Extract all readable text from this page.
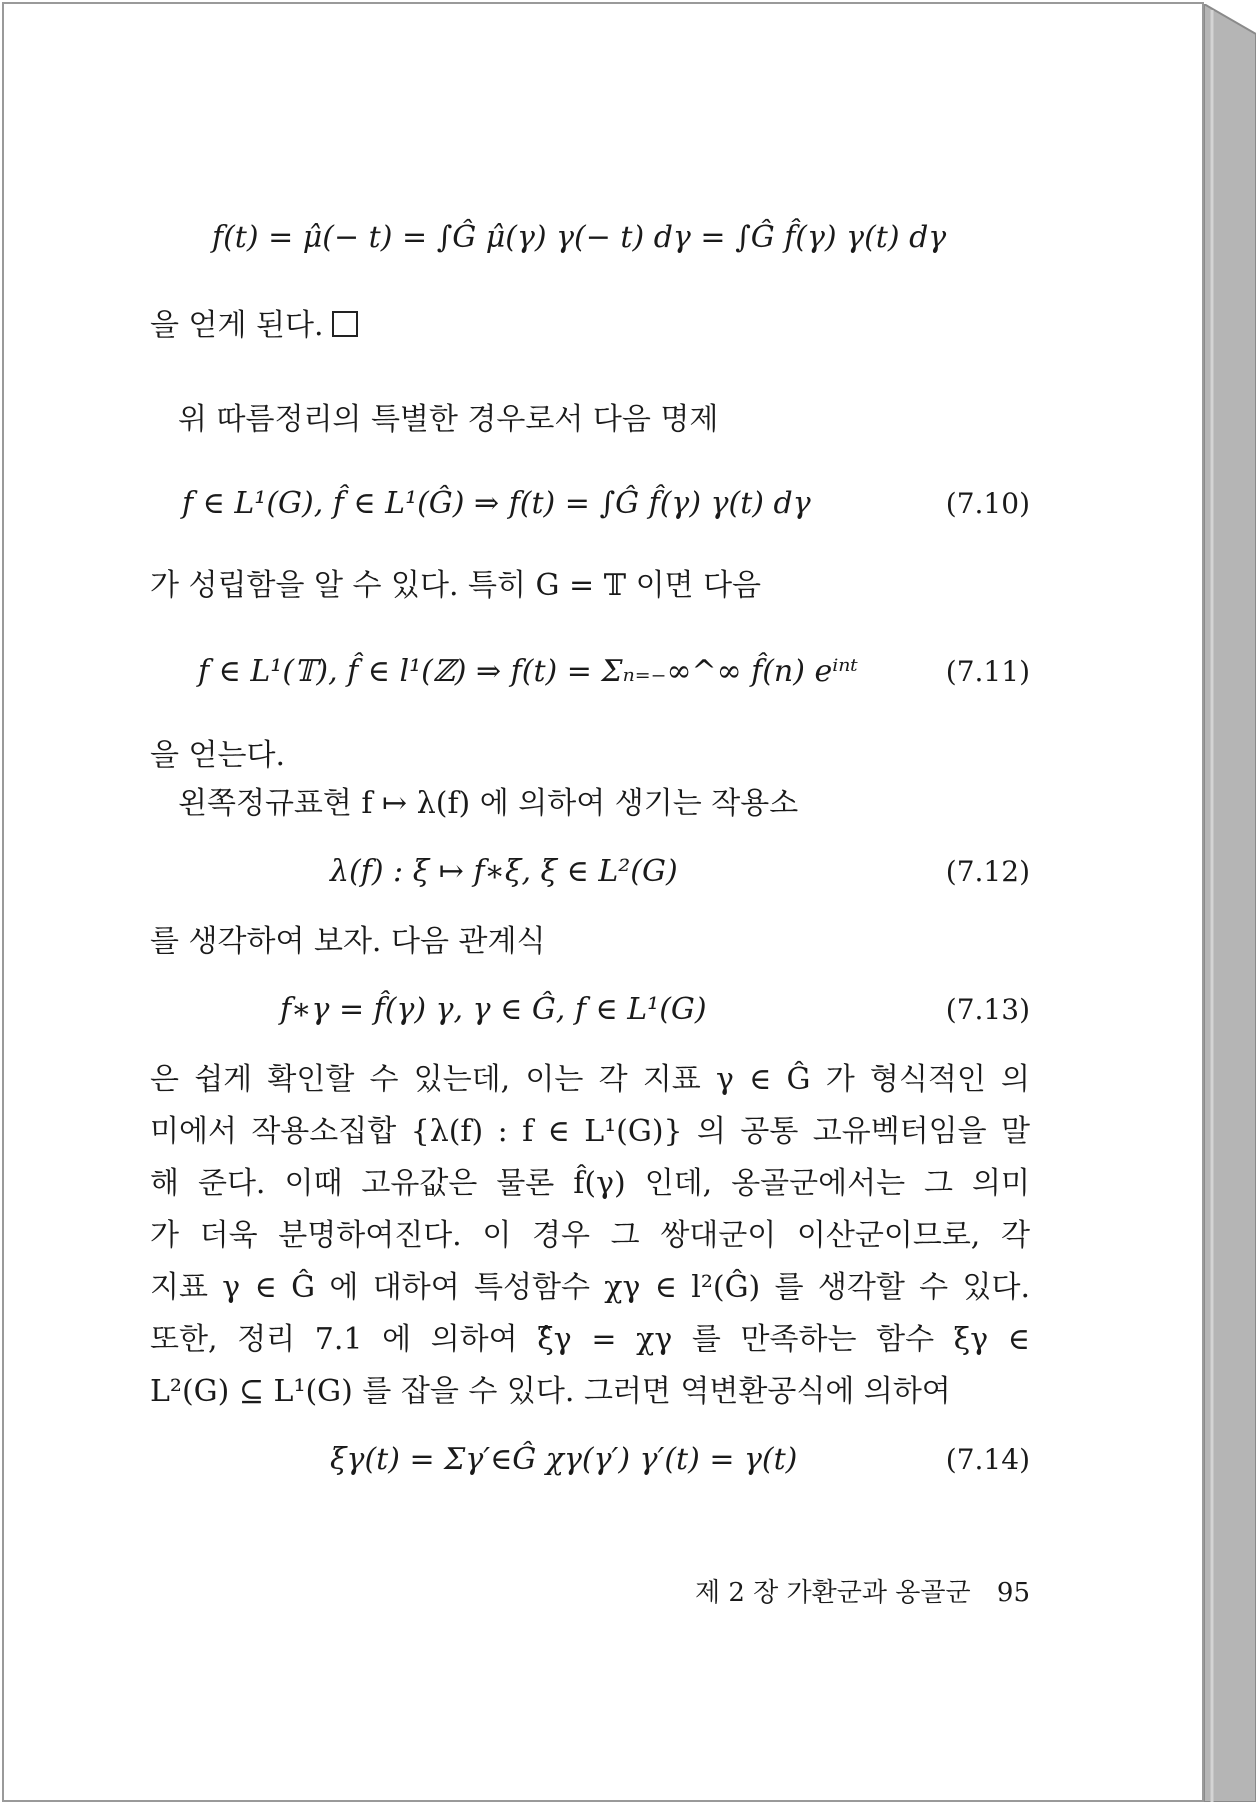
f(t) = μ̂(− t) = ∫Ĝ μ̂(γ) γ(− t) dγ = ∫Ĝ f̂(γ) γ(t) dγ
을 얻게 된다.
위 따름정리의 특별한 경우로서 다음 명제
f ∈ L¹(G), f̂ ∈ L¹(Ĝ) ⇒ f(t) = ∫Ĝ f̂(γ) γ(t) dγ	(7.10)
가 성립함을 알 수 있다. 특히 G = 𝕋 이면 다음
f ∈ L¹(𝕋), f̂ ∈ l¹(ℤ) ⇒ f(t) = Σₙ₌₋∞^∞ f̂(n) eⁱⁿᵗ	(7.11)
을 얻는다.
왼쪽정규표현 f ↦ λ(f) 에 의하여 생기는 작용소
λ(f) : ξ ↦ f∗ξ, ξ ∈ L²(G)	(7.12)
를 생각하여 보자. 다음 관계식
f∗γ = f̂(γ) γ, γ ∈ Ĝ, f ∈ L¹(G)	(7.13)
은 쉽게 확인할 수 있는데, 이는 각 지표 γ ∈ Ĝ 가 형식적인 의
미에서 작용소집합 {λ(f) : f ∈ L¹(G)} 의 공통 고유벡터임을 말
해 준다. 이때 고유값은 물론 f̂(γ) 인데, 옹골군에서는 그 의미
가 더욱 분명하여진다. 이 경우 그 쌍대군이 이산군이므로, 각
지표 γ ∈ Ĝ 에 대하여 특성함수 χγ ∈ l²(Ĝ) 를 생각할 수 있다.
또한, 정리 7.1 에 의하여 ξ̂γ = χγ 를 만족하는 함수 ξγ ∈
L²(G) ⊆ L¹(G) 를 잡을 수 있다. 그러면 역변환공식에 의하여
ξγ(t) = Σγ′∈Ĝ χγ(γ′) γ′(t) = γ(t)	(7.14)
제 2 장 가환군과 옹골군 95
